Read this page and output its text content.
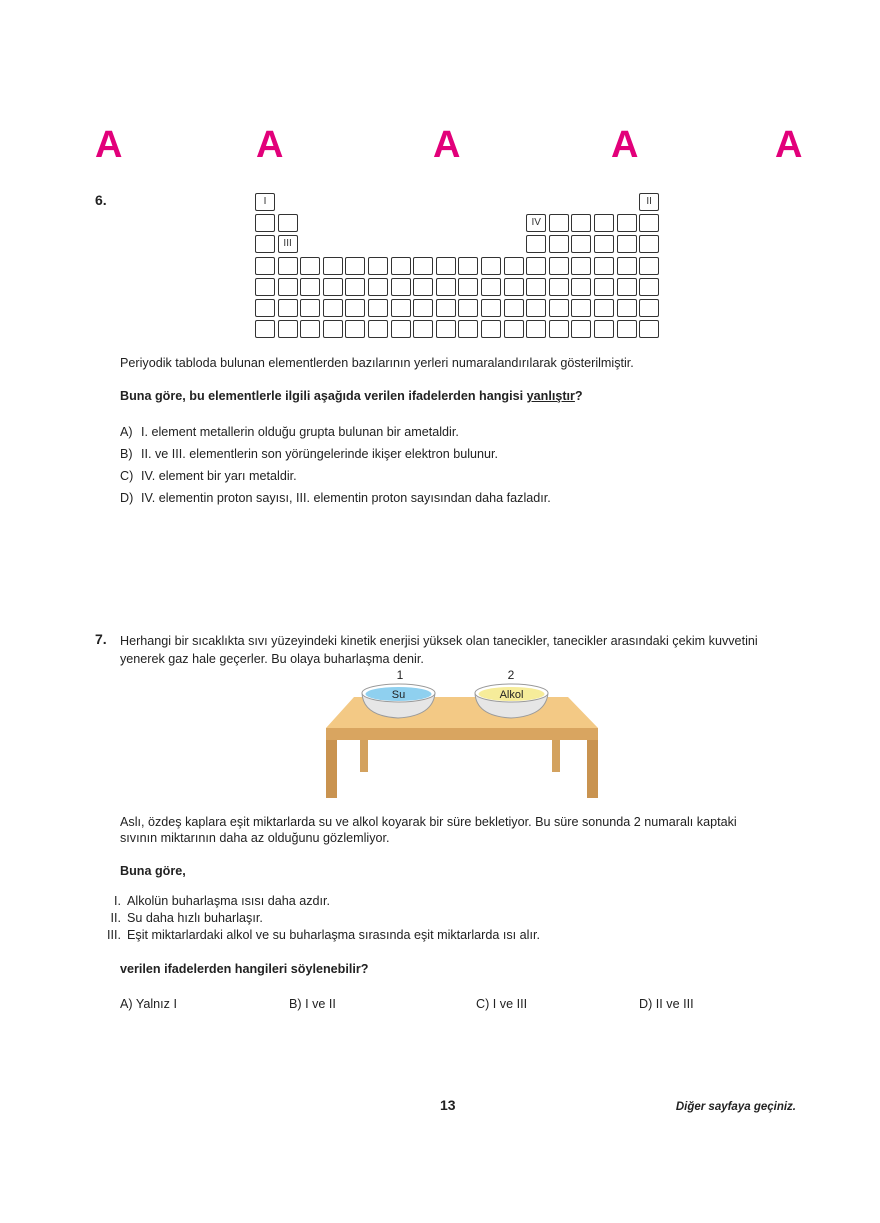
A	A	A	A	A
6.	I	II
IV
III
Periyodik tabloda bulunan elementlerden bazılarının yerleri numaralandırılarak gösterilmiştir.
Buna göre, bu elementlerle ilgili aşağıda verilen ifadelerden hangisi yanlıştır?
A) I. element metallerin olduğu grupta bulunan bir ametaldir.
B) II. ve III. elementlerin son yörüngelerinde ikişer elektron bulunur.
C) IV. element bir yarı metaldir.
D) IV. elementin proton sayısı, III. elementin proton sayısından daha fazladır.
7. Herhangi bir sıcaklıkta sıvı yüzeyindeki kinetik enerjisi yüksek olan tanecikler, tanecikler arasındaki çekim kuvvetini
yenerek gaz hale geçerler. Bu olaya buharlaşma denir.
1
Su
2
Alkol
Aslı, özdeş kaplara eşit miktarlarda su ve alkol koyarak bir süre bekletiyor. Bu süre sonunda 2 numaralı kaptaki
sıvının miktarının daha az olduğunu gözlemliyor.
Buna göre,
I. Alkolün buharlaşma ısısı daha azdır.
II. Su daha hızlı buharlaşır.
III. Eşit miktarlardaki alkol ve su buharlaşma sırasında eşit miktarlarda ısı alır.
verilen ifadelerden hangileri söylenebilir?
A) Yalnız I	B) I ve II	C) I ve III	D) II ve III
13	Diğer sayfaya geçiniz.
